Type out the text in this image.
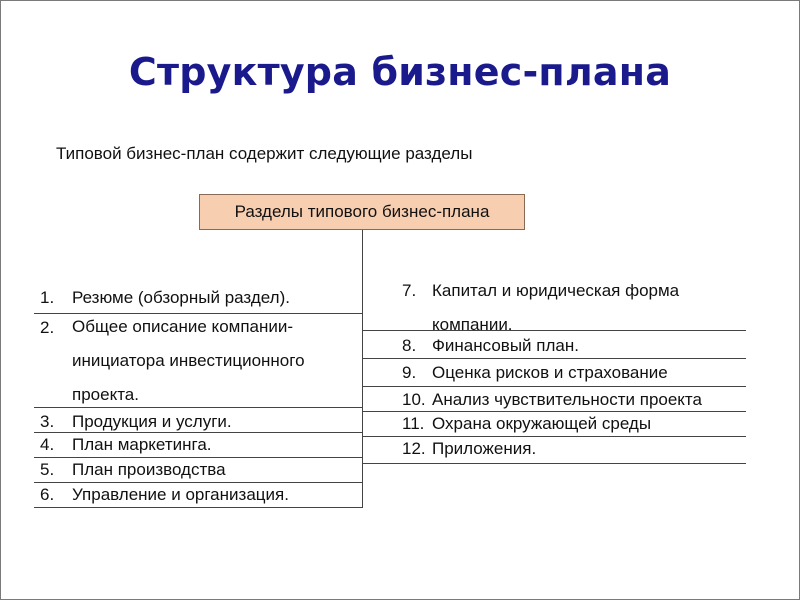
Структура бизнес-плана
Типовой бизнес-план содержит следующие разделы
Разделы типового бизнес-плана
1. Резюме (обзорный раздел).
2. Общее описание компании-инициатора инвестиционного проекта.
3. Продукция и услуги.
4. План маркетинга.
5. План производства
6. Управление и организация.
7. Капитал и юридическая форма компании.
8. Финансовый план.
9. Оценка рисков и страхование
10. Анализ чувствительности проекта
11. Охрана окружающей среды
12. Приложения.
